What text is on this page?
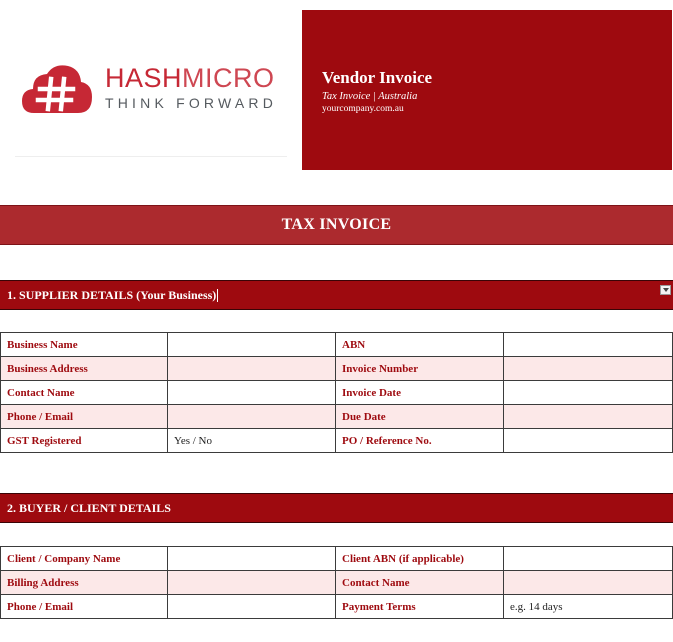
HASHMICRO
THINK FORWARD
Vendor Invoice
Tax Invoice | Australia
yourcompany.com.au
TAX INVOICE
1. SUPPLIER DETAILS (Your Business)
Business Name		ABN	
Business Address		Invoice Number	
Contact Name		Invoice Date	
Phone / Email		Due Date	
GST Registered	Yes / No	PO / Reference No.	
2. BUYER / CLIENT DETAILS
Client / Company Name		Client ABN (if applicable)	
Billing Address		Contact Name	
Phone / Email		Payment Terms	e.g. 14 days
